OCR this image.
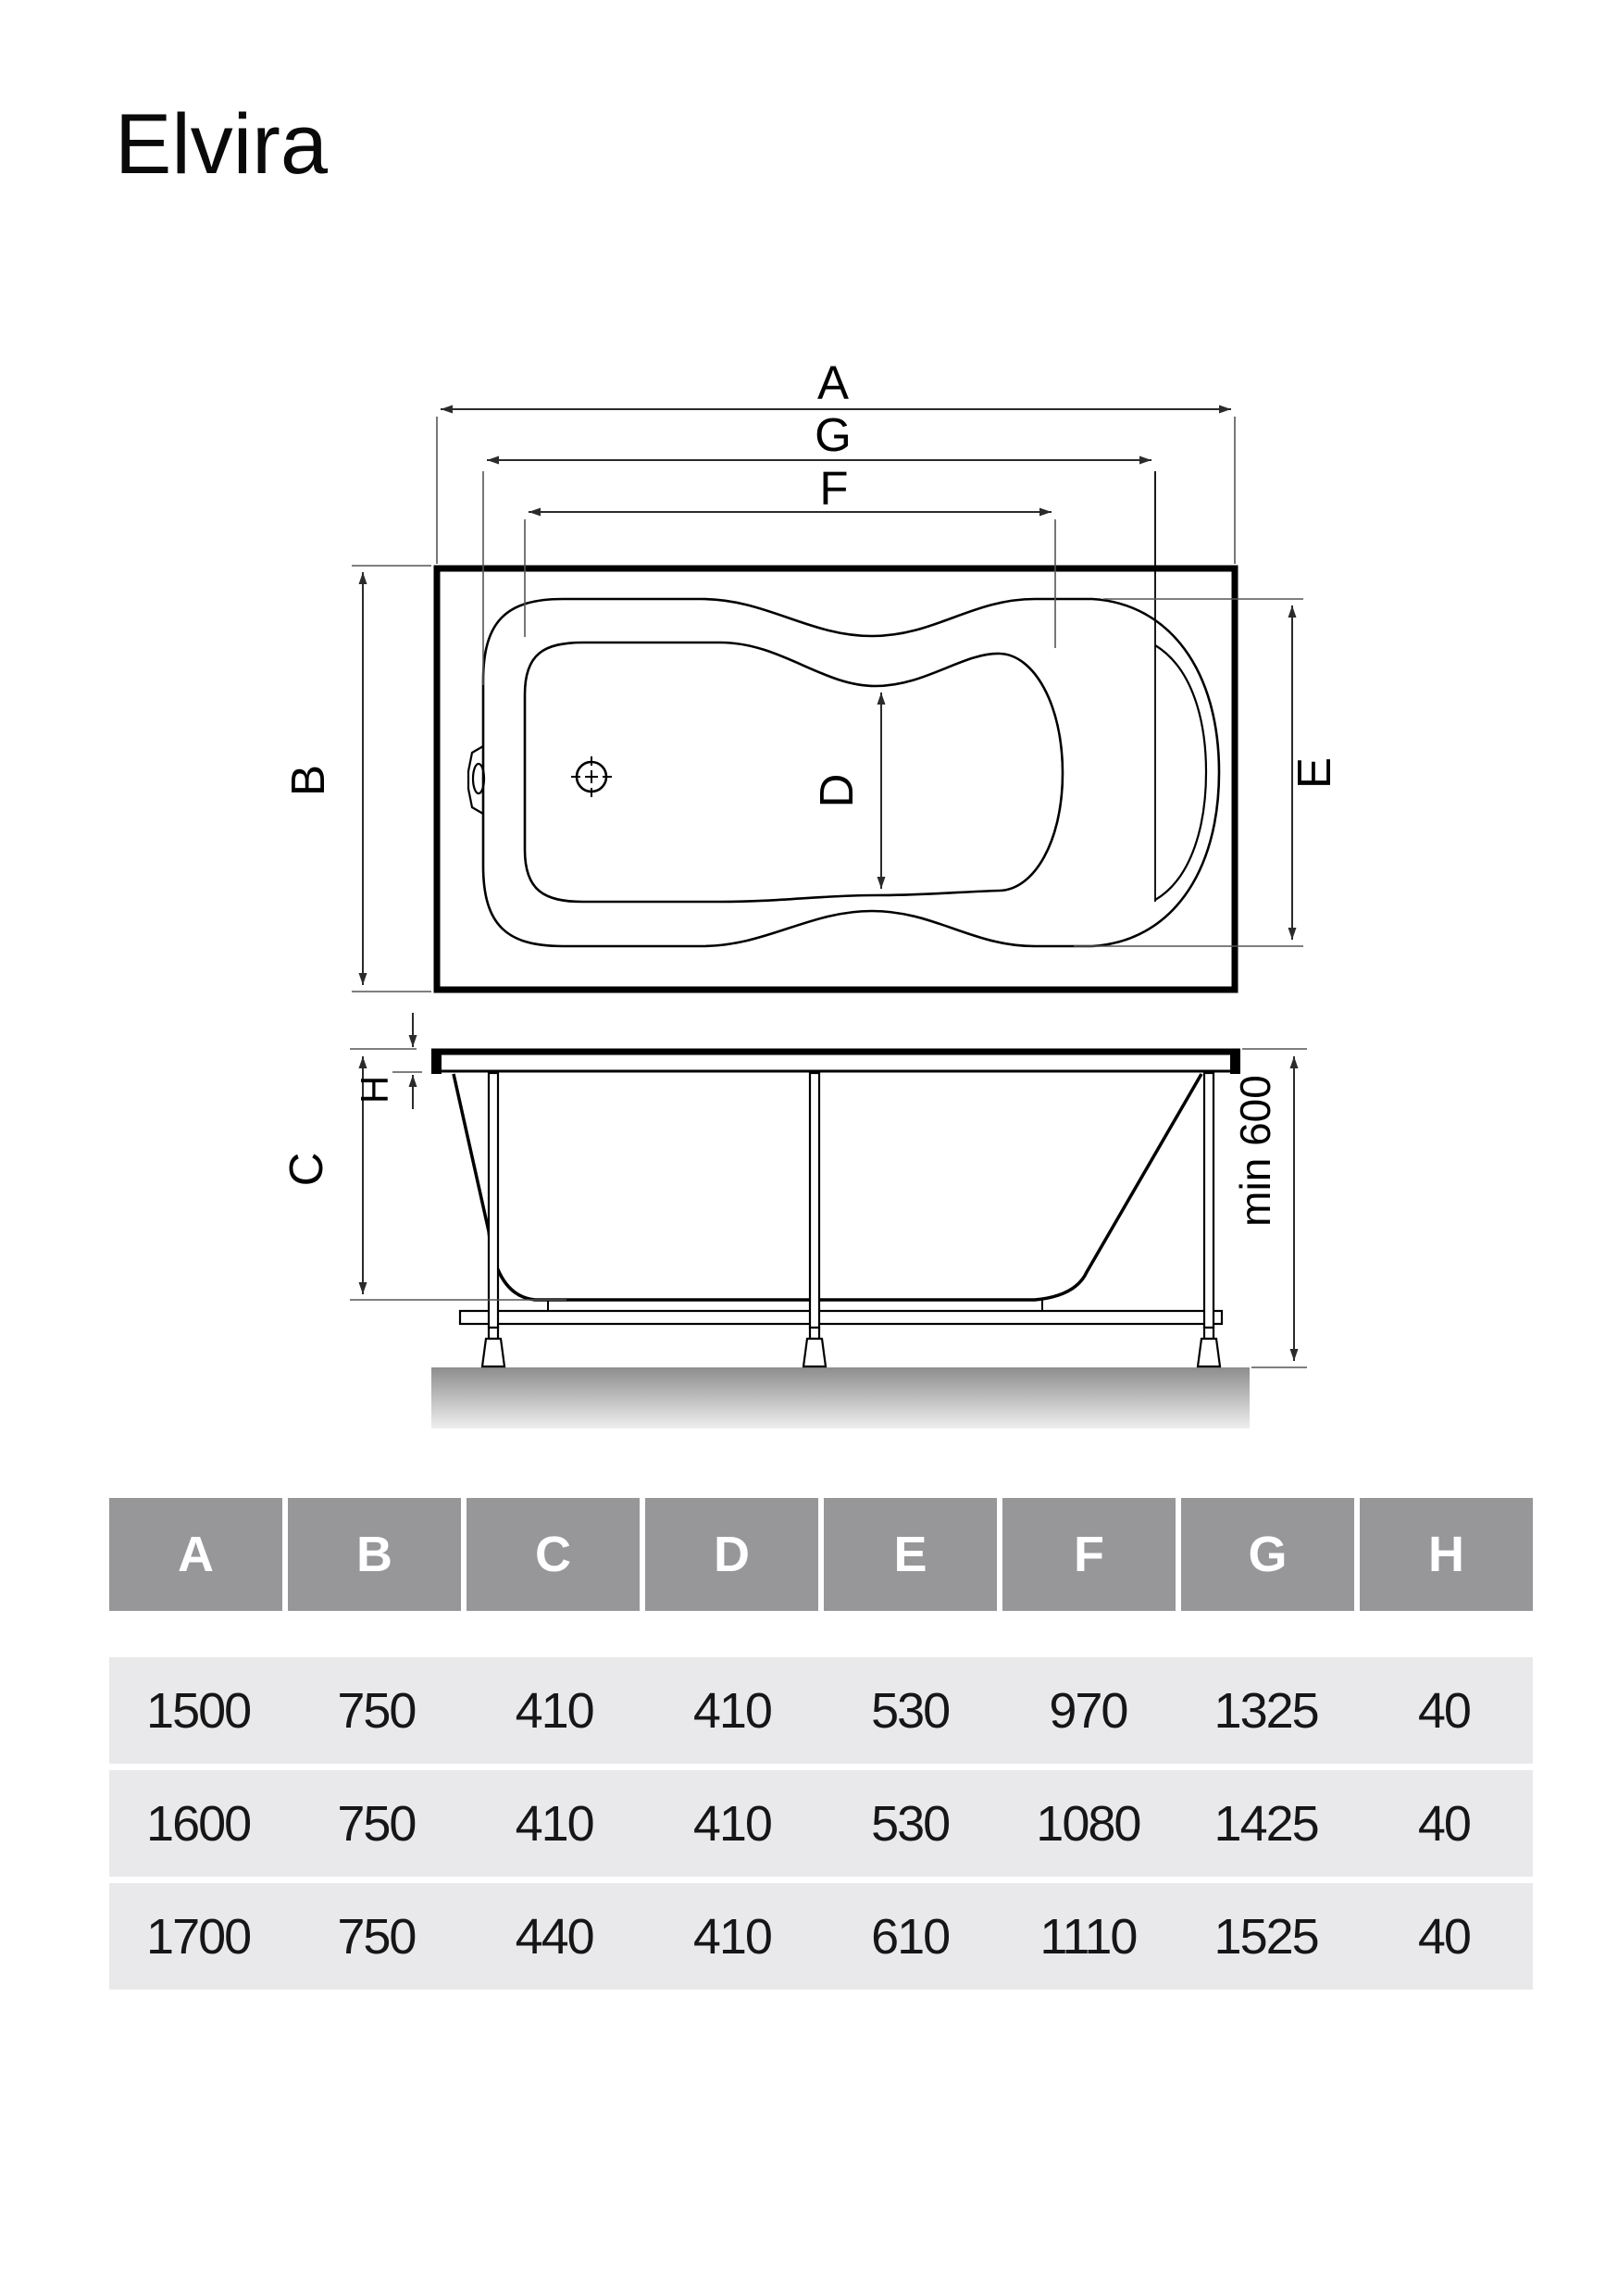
Elvira
A
G
F
B	E
D
H
C	min 600
A	B	C	D	E	F	G	H
1500	750	410	410	530	970	1325	40
1600	750	410	410	530	1080	1425	40
1700	750	440	410	610	1110	1525	40
